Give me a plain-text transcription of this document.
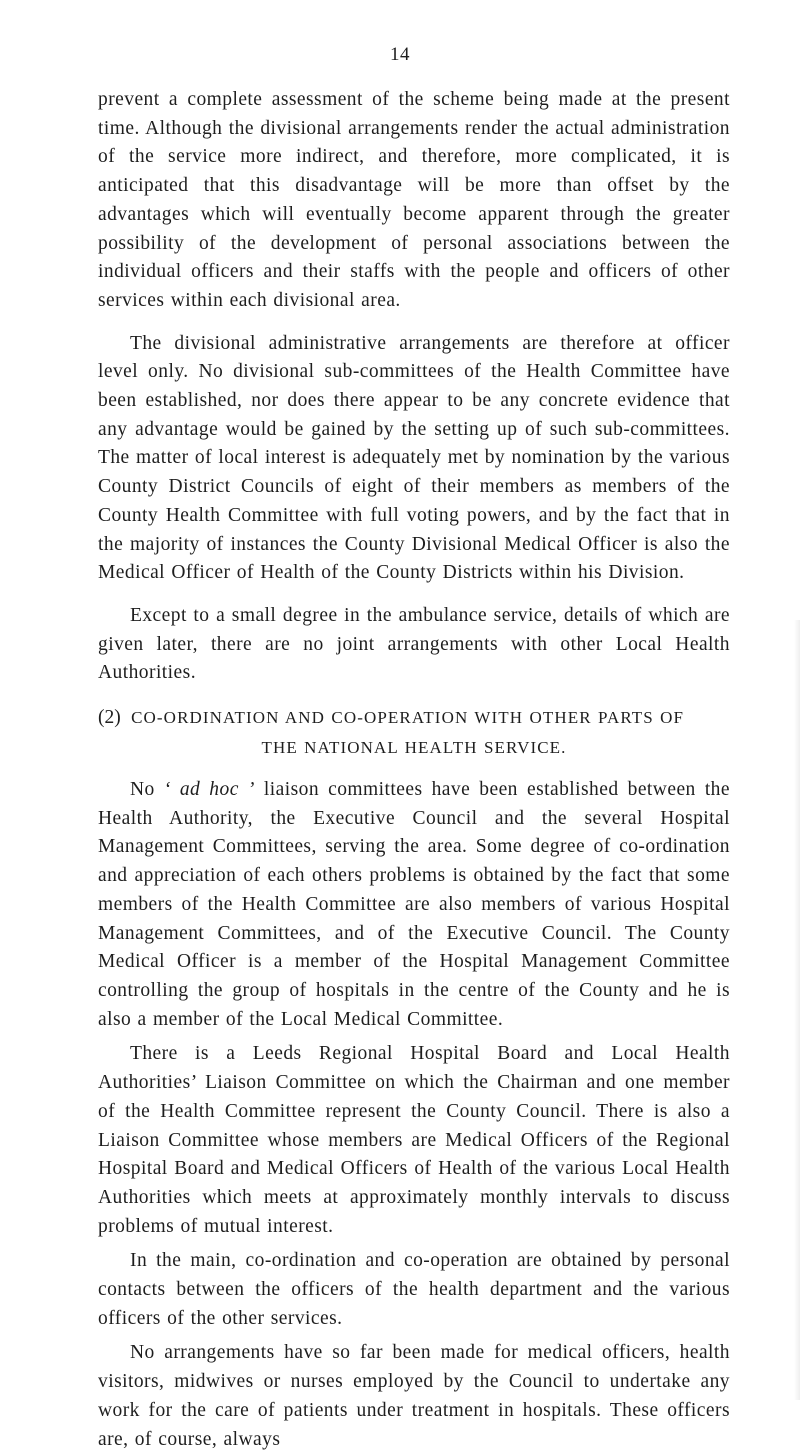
14

prevent a complete assessment of the scheme being made at the present time. Although the divisional arrangements render the actual administration of the service more indirect, and therefore, more complicated, it is anticipated that this disadvantage will be more than offset by the advantages which will eventually become apparent through the greater possibility of the development of personal associations between the individual officers and their staffs with the people and officers of other services within each divisional area.

The divisional administrative arrangements are therefore at officer level only. No divisional sub-committees of the Health Committee have been established, nor does there appear to be any concrete evidence that any advantage would be gained by the setting up of such sub-committees. The matter of local interest is adequately met by nomination by the various County District Councils of eight of their members as members of the County Health Committee with full voting powers, and by the fact that in the majority of instances the County Divisional Medical Officer is also the Medical Officer of Health of the County Districts within his Division.

Except to a small degree in the ambulance service, details of which are given later, there are no joint arrangements with other Local Health Authorities.

(2) CO-ORDINATION AND CO-OPERATION WITH OTHER PARTS OF
THE NATIONAL HEALTH SERVICE.

No ‘ ad hoc ’ liaison committees have been established between the Health Authority, the Executive Council and the several Hospital Management Committees, serving the area. Some degree of co-ordination and appreciation of each others problems is obtained by the fact that some members of the Health Committee are also members of various Hospital Management Committees, and of the Executive Council. The County Medical Officer is a member of the Hospital Management Committee controlling the group of hospitals in the centre of the County and he is also a member of the Local Medical Committee.

There is a Leeds Regional Hospital Board and Local Health Authorities’ Liaison Committee on which the Chairman and one member of the Health Committee represent the County Council. There is also a Liaison Committee whose members are Medical Officers of the Regional Hospital Board and Medical Officers of Health of the various Local Health Authorities which meets at approximately monthly intervals to discuss problems of mutual interest.

In the main, co-ordination and co-operation are obtained by personal contacts between the officers of the health department and the various officers of the other services.

No arrangements have so far been made for medical officers, health visitors, midwives or nurses employed by the Council to undertake any work for the care of patients under treatment in hospitals. These officers are, of course, always
